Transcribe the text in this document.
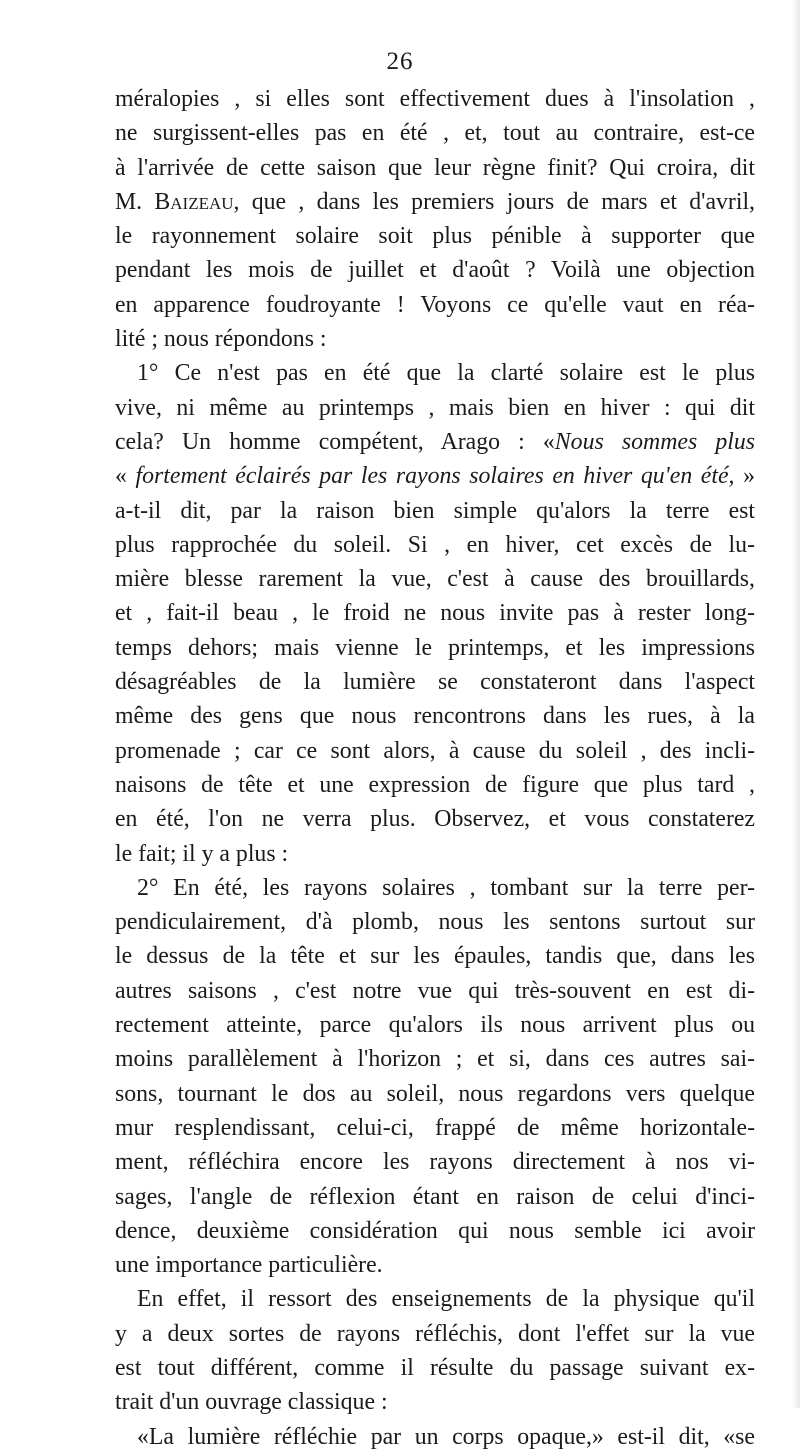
26
méralopies , si elles sont effectivement dues à l'insolation ,
ne surgissent-elles pas en été , et, tout au contraire, est-ce
à l'arrivée de cette saison que leur règne finit? Qui croira, dit
M. Baizeau, que , dans les premiers jours de mars et d'avril,
le rayonnement solaire soit plus pénible à supporter que
pendant les mois de juillet et d'août ? Voilà une objection
en apparence foudroyante ! Voyons ce qu'elle vaut en réa-
lité ; nous répondons :
1° Ce n'est pas en été que la clarté solaire est le plus
vive, ni même au printemps , mais bien en hiver : qui dit
cela? Un homme compétent, Arago : «Nous sommes plus
« fortement éclairés par les rayons solaires en hiver qu'en été, »
a-t-il dit, par la raison bien simple qu'alors la terre est
plus rapprochée du soleil. Si , en hiver, cet excès de lu-
mière blesse rarement la vue, c'est à cause des brouillards,
et , fait-il beau , le froid ne nous invite pas à rester long-
temps dehors; mais vienne le printemps, et les impressions
désagréables de la lumière se constateront dans l'aspect
même des gens que nous rencontrons dans les rues, à la
promenade ; car ce sont alors, à cause du soleil , des incli-
naisons de tête et une expression de figure que plus tard ,
en été, l'on ne verra plus. Observez, et vous constaterez
le fait; il y a plus :
2° En été, les rayons solaires , tombant sur la terre per-
pendiculairement, d'à plomb, nous les sentons surtout sur
le dessus de la tête et sur les épaules, tandis que, dans les
autres saisons , c'est notre vue qui très-souvent en est di-
rectement atteinte, parce qu'alors ils nous arrivent plus ou
moins parallèlement à l'horizon ; et si, dans ces autres sai-
sons, tournant le dos au soleil, nous regardons vers quelque
mur resplendissant, celui-ci, frappé de même horizontale-
ment, réfléchira encore les rayons directement à nos vi-
sages, l'angle de réflexion étant en raison de celui d'inci-
dence, deuxième considération qui nous semble ici avoir
une importance particulière.
En effet, il ressort des enseignements de la physique qu'il
y a deux sortes de rayons réfléchis, dont l'effet sur la vue
est tout différent, comme il résulte du passage suivant ex-
trait d'un ouvrage classique :
«La lumière réfléchie par un corps opaque,» est-il dit, «se
